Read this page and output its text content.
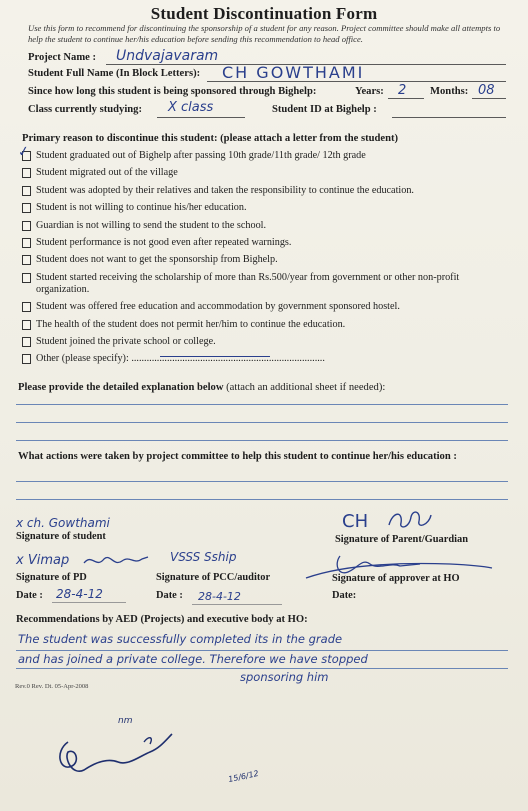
Student Discontinuation Form
Use this form to recommend for discontinuing the sponsorship of a student for any reason. Project committee should make all attempts to help the student to continue her/his education before sending this recommendation to head office.
Project Name : Undvajavaram
Student Full Name (In Block Letters): CH GOWTHAMI
Since how long this student is being sponsored through Bighelp:	Years: 2 Months: 08
Class currently studying: X class	Student ID at Bighelp :
Primary reason to discontinue this student: (please attach a letter from the student)
✓ Student graduated out of Bighelp after passing 10th grade/11th grade/ 12th grade
Student migrated out of the village
Student was adopted by their relatives and taken the responsibility to continue the education.
Student is not willing to continue his/her education.
Guardian is not willing to send the student to the school.
Student performance is not good even after repeated warnings.
Student does not want to get the sponsorship from Bighelp.
Student started receiving the scholarship of more than Rs.500/year from government or other non-profit organization.
Student was offered free education and accommodation by government sponsored hostel.
The health of the student does not permit her/him to continue the education.
Student joined the private school or college.
Other (please specify): ............................................................................
Please provide the detailed explanation below (attach an additional sheet if needed):
What actions were taken by project committee to help this student to continue her/his education :
x ch. Gowthami
Signature of student
CH
Signature of Parent/Guardian
x Vimap
Signature of PD
VSSS Sship
Signature of PCC/auditor	Signature of approver at HO
Date : 28-4-12	Date : 28-4-12	Date:
Recommendations by AED (Projects) and executive body at HO:
The student was successfully completed its in the grade
and has joined a private college. Therefore we have stopped
sponsoring him
Rev.0 Rev. Dt. 05-Apr-2008
nm
15/6/12
